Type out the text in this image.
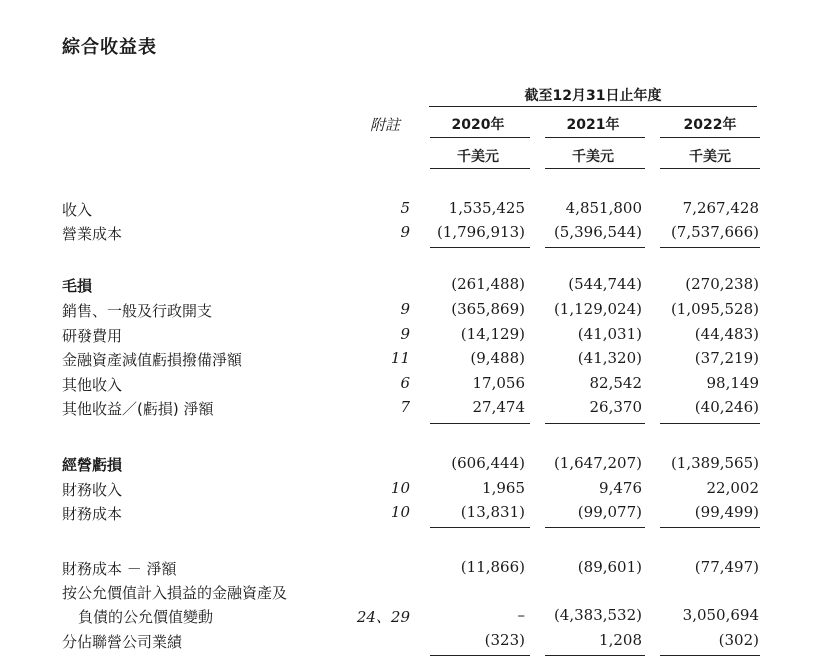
綜合收益表
截至12月31日止年度
附註	2020年	2021年	2022年
千美元	千美元	千美元
收入	5	1,535,425	4,851,800	7,267,428
營業成本	9 (1,796,913) (5,396,544) (7,537,666)
毛損	(261,488)	(544,744)	(270,238)
銷售、一般及行政開支	9	(365,869) (1,129,024) (1,095,528)
研發費用	9	(14,129)	(41,031)	(44,483)
金融資產減值虧損撥備淨額	11	(9,488)	(41,320)	(37,219)
其他收入	6	17,056	82,542	98,149
其他收益／(虧損) 淨額	7	27,474	26,370	(40,246)
經營虧損	(606,444) (1,647,207) (1,389,565)
財務收入	10	1,965	9,476	22,002
財務成本	10	(13,831)	(99,077)	(99,499)
財務成本 － 淨額	(11,866)	(89,601)	(77,497)
按公允價值計入損益的金融資產及
負債的公允價值變動	24、29	– (4,383,532)	3,050,694
分佔聯營公司業績	(323)	1,208	(302)
